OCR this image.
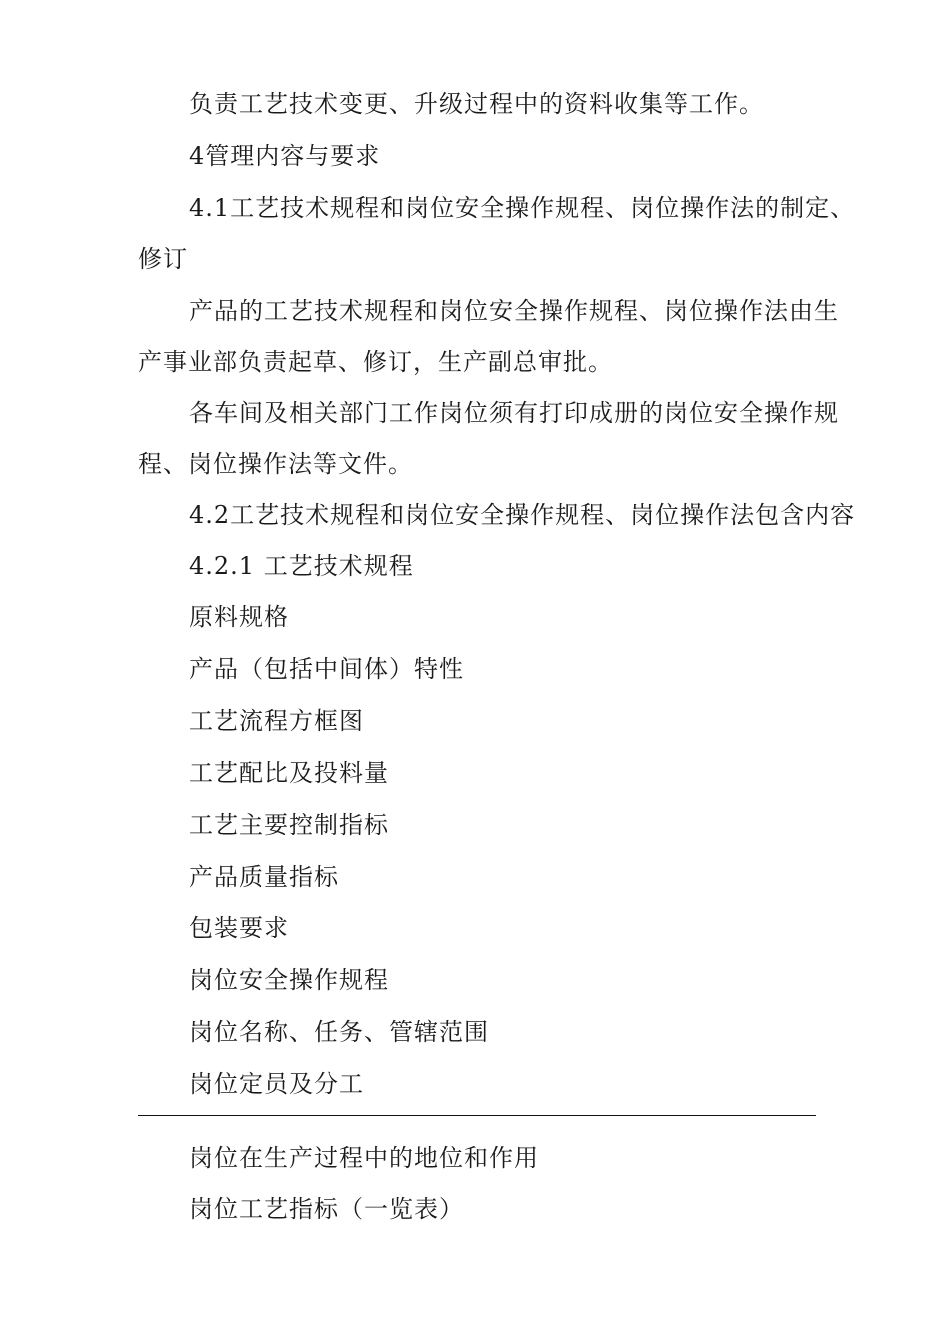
负责工艺技术变更、升级过程中的资料收集等工作。
4管理内容与要求
4.1工艺技术规程和岗位安全操作规程、岗位操作法的制定、
修订
产品的工艺技术规程和岗位安全操作规程、岗位操作法由生
产事业部负责起草、修订，生产副总审批。
各车间及相关部门工作岗位须有打印成册的岗位安全操作规
程、岗位操作法等文件。
4.2工艺技术规程和岗位安全操作规程、岗位操作法包含内容
4.2.1 工艺技术规程
原料规格
产品（包括中间体）特性
工艺流程方框图
工艺配比及投料量
工艺主要控制指标
产品质量指标
包装要求
岗位安全操作规程
岗位名称、任务、管辖范围
岗位定员及分工
岗位在生产过程中的地位和作用
岗位工艺指标（一览表）
